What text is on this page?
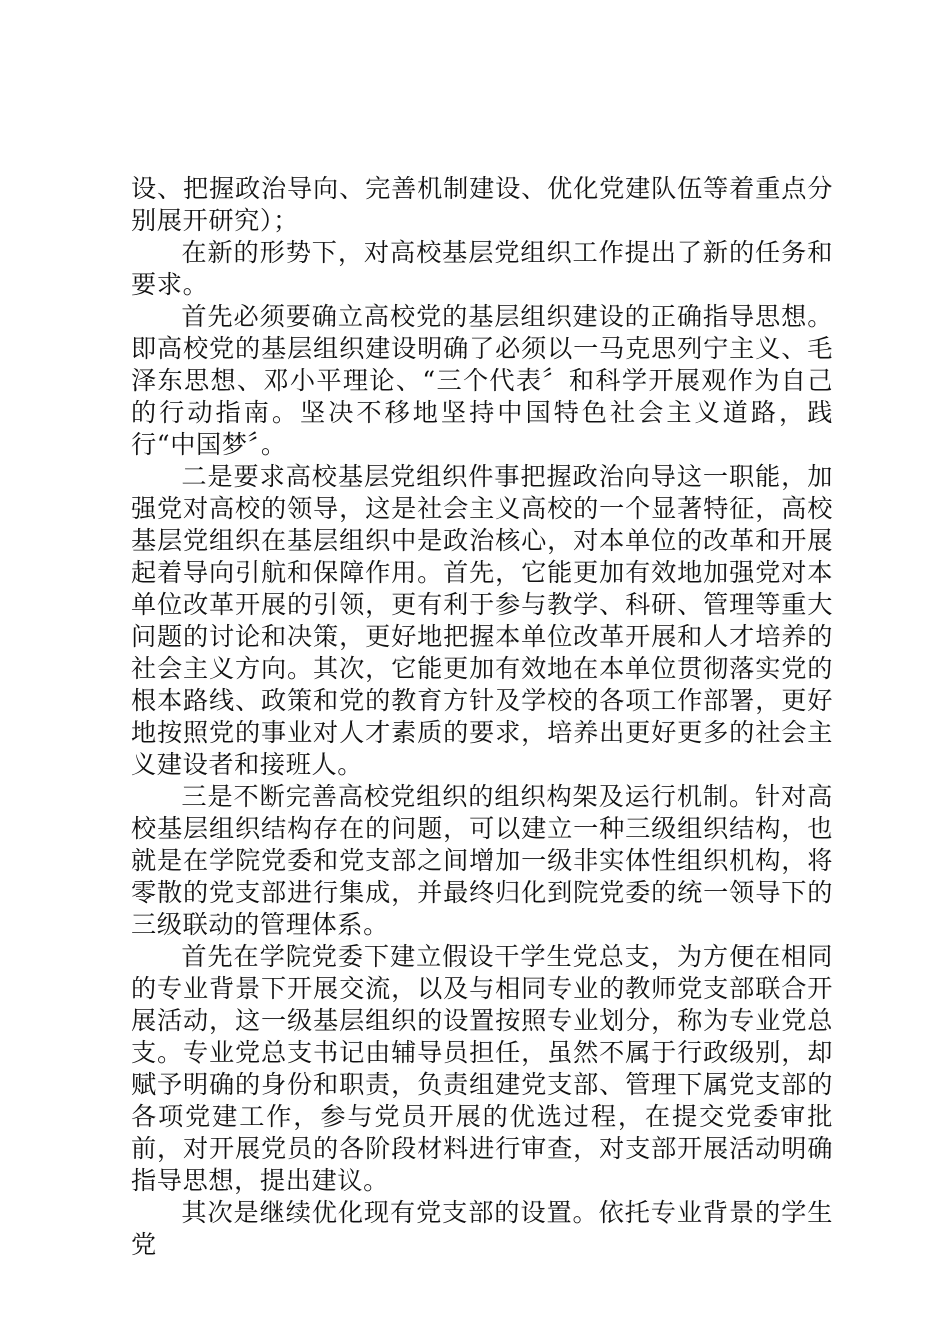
设、把握政治导向、完善机制建设、优化党建队伍等着重点分别展开研究）；

在新的形势下，对高校基层党组织工作提出了新的任务和要求。

首先必须要确立高校党的基层组织建设的正确指导思想。即高校党的基层组织建设明确了必须以一马克思列宁主义、毛泽东思想、邓小平理论、“三个代表〞和科学开展观作为自己的行动指南。坚决不移地坚持中国特色社会主义道路，践行“中国梦〞。

二是要求高校基层党组织件事把握政治向导这一职能，加强党对高校的领导，这是社会主义高校的一个显著特征，高校基层党组织在基层组织中是政治核心，对本单位的改革和开展起着导向引航和保障作用。首先，它能更加有效地加强党对本单位改革开展的引领，更有利于参与教学、科研、管理等重大问题的讨论和决策，更好地把握本单位改革开展和人才培养的社会主义方向。其次，它能更加有效地在本单位贯彻落实党的根本路线、政策和党的教育方针及学校的各项工作部署，更好地按照党的事业对人才素质的要求，培养出更好更多的社会主义建设者和接班人。

三是不断完善高校党组织的组织构架及运行机制。针对高校基层组织结构存在的问题，可以建立一种三级组织结构，也就是在学院党委和党支部之间增加一级非实体性组织机构，将零散的党支部进行集成，并最终归化到院党委的统一领导下的三级联动的管理体系。

首先在学院党委下建立假设干学生党总支，为方便在相同的专业背景下开展交流，以及与相同专业的教师党支部联合开展活动，这一级基层组织的设置按照专业划分，称为专业党总支。专业党总支书记由辅导员担任，虽然不属于行政级别，却赋予明确的身份和职责，负责组建党支部、管理下属党支部的各项党建工作，参与党员开展的优选过程，在提交党委审批前，对开展党员的各阶段材料进行审查，对支部开展活动明确指导思想，提出建议。

其次是继续优化现有党支部的设置。依托专业背景的学生党
